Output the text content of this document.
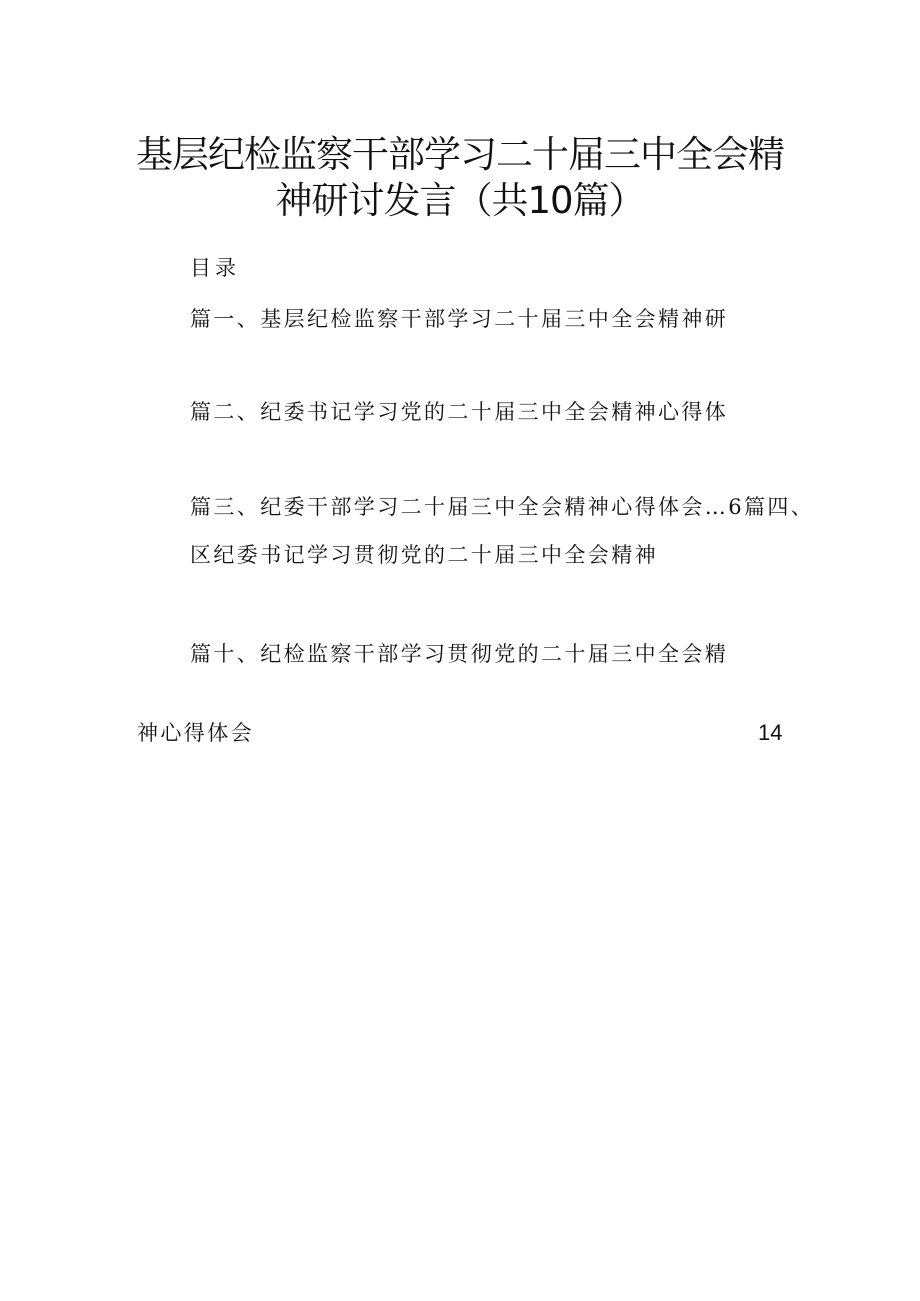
基层纪检监察干部学习二十届三中全会精
神研讨发言（共10篇）
目录
篇一、基层纪检监察干部学习二十届三中全会精神研
篇二、纪委书记学习党的二十届三中全会精神心得体
篇三、纪委干部学习二十届三中全会精神心得体会…6篇四、
区纪委书记学习贯彻党的二十届三中全会精神
篇十、纪检监察干部学习贯彻党的二十届三中全会精
神心得体会	14
